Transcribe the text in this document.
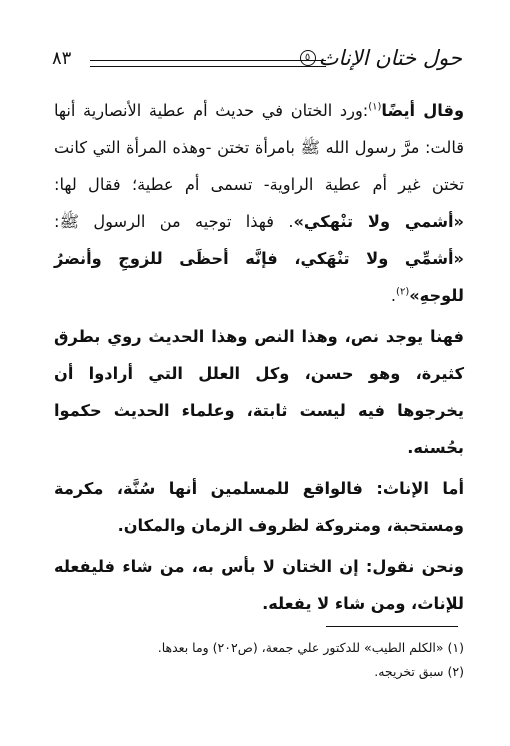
حول ختان الإناث
٥
٨٣

وقال أيضًا$^{(١)}$:ورد الختان في حديث أم عطية الأنصارية أنها قالت: مرَّ رسول الله ﷺ بامرأة تختن -وهذه المرأة التي كانت تختن غير أم عطية الراوية- تسمى أم عطية؛ فقال لها: «أشمي ولا تنْهكي». فهذا توجيه من الرسول ﷺ: «أشمِّي ولا تنْهَكي، فإنَّه أحظَى للزوجِ وأنضرُ للوجهِ»$^{(٢)}$.

فهنا يوجد نص، وهذا النص وهذا الحديث روي بطرق كثيرة، وهو حسن، وكل العلل التي أرادوا أن يخرجوها فيه ليست ثابتة، وعلماء الحديث حكموا بحُسنه.

أما الإناث: فالواقع للمسلمين أنها سُنَّة، مكرمة ومستحبة، ومتروكة لظروف الزمان والمكان.

ونحن نقول: إن الختان لا بأس به، من شاء فليفعله للإناث، ومن شاء لا يفعله.

(١) «الكلم الطيب» للدكتور علي جمعة، (ص٢٠٢) وما بعدها.
(٢) سبق تخريجه.
